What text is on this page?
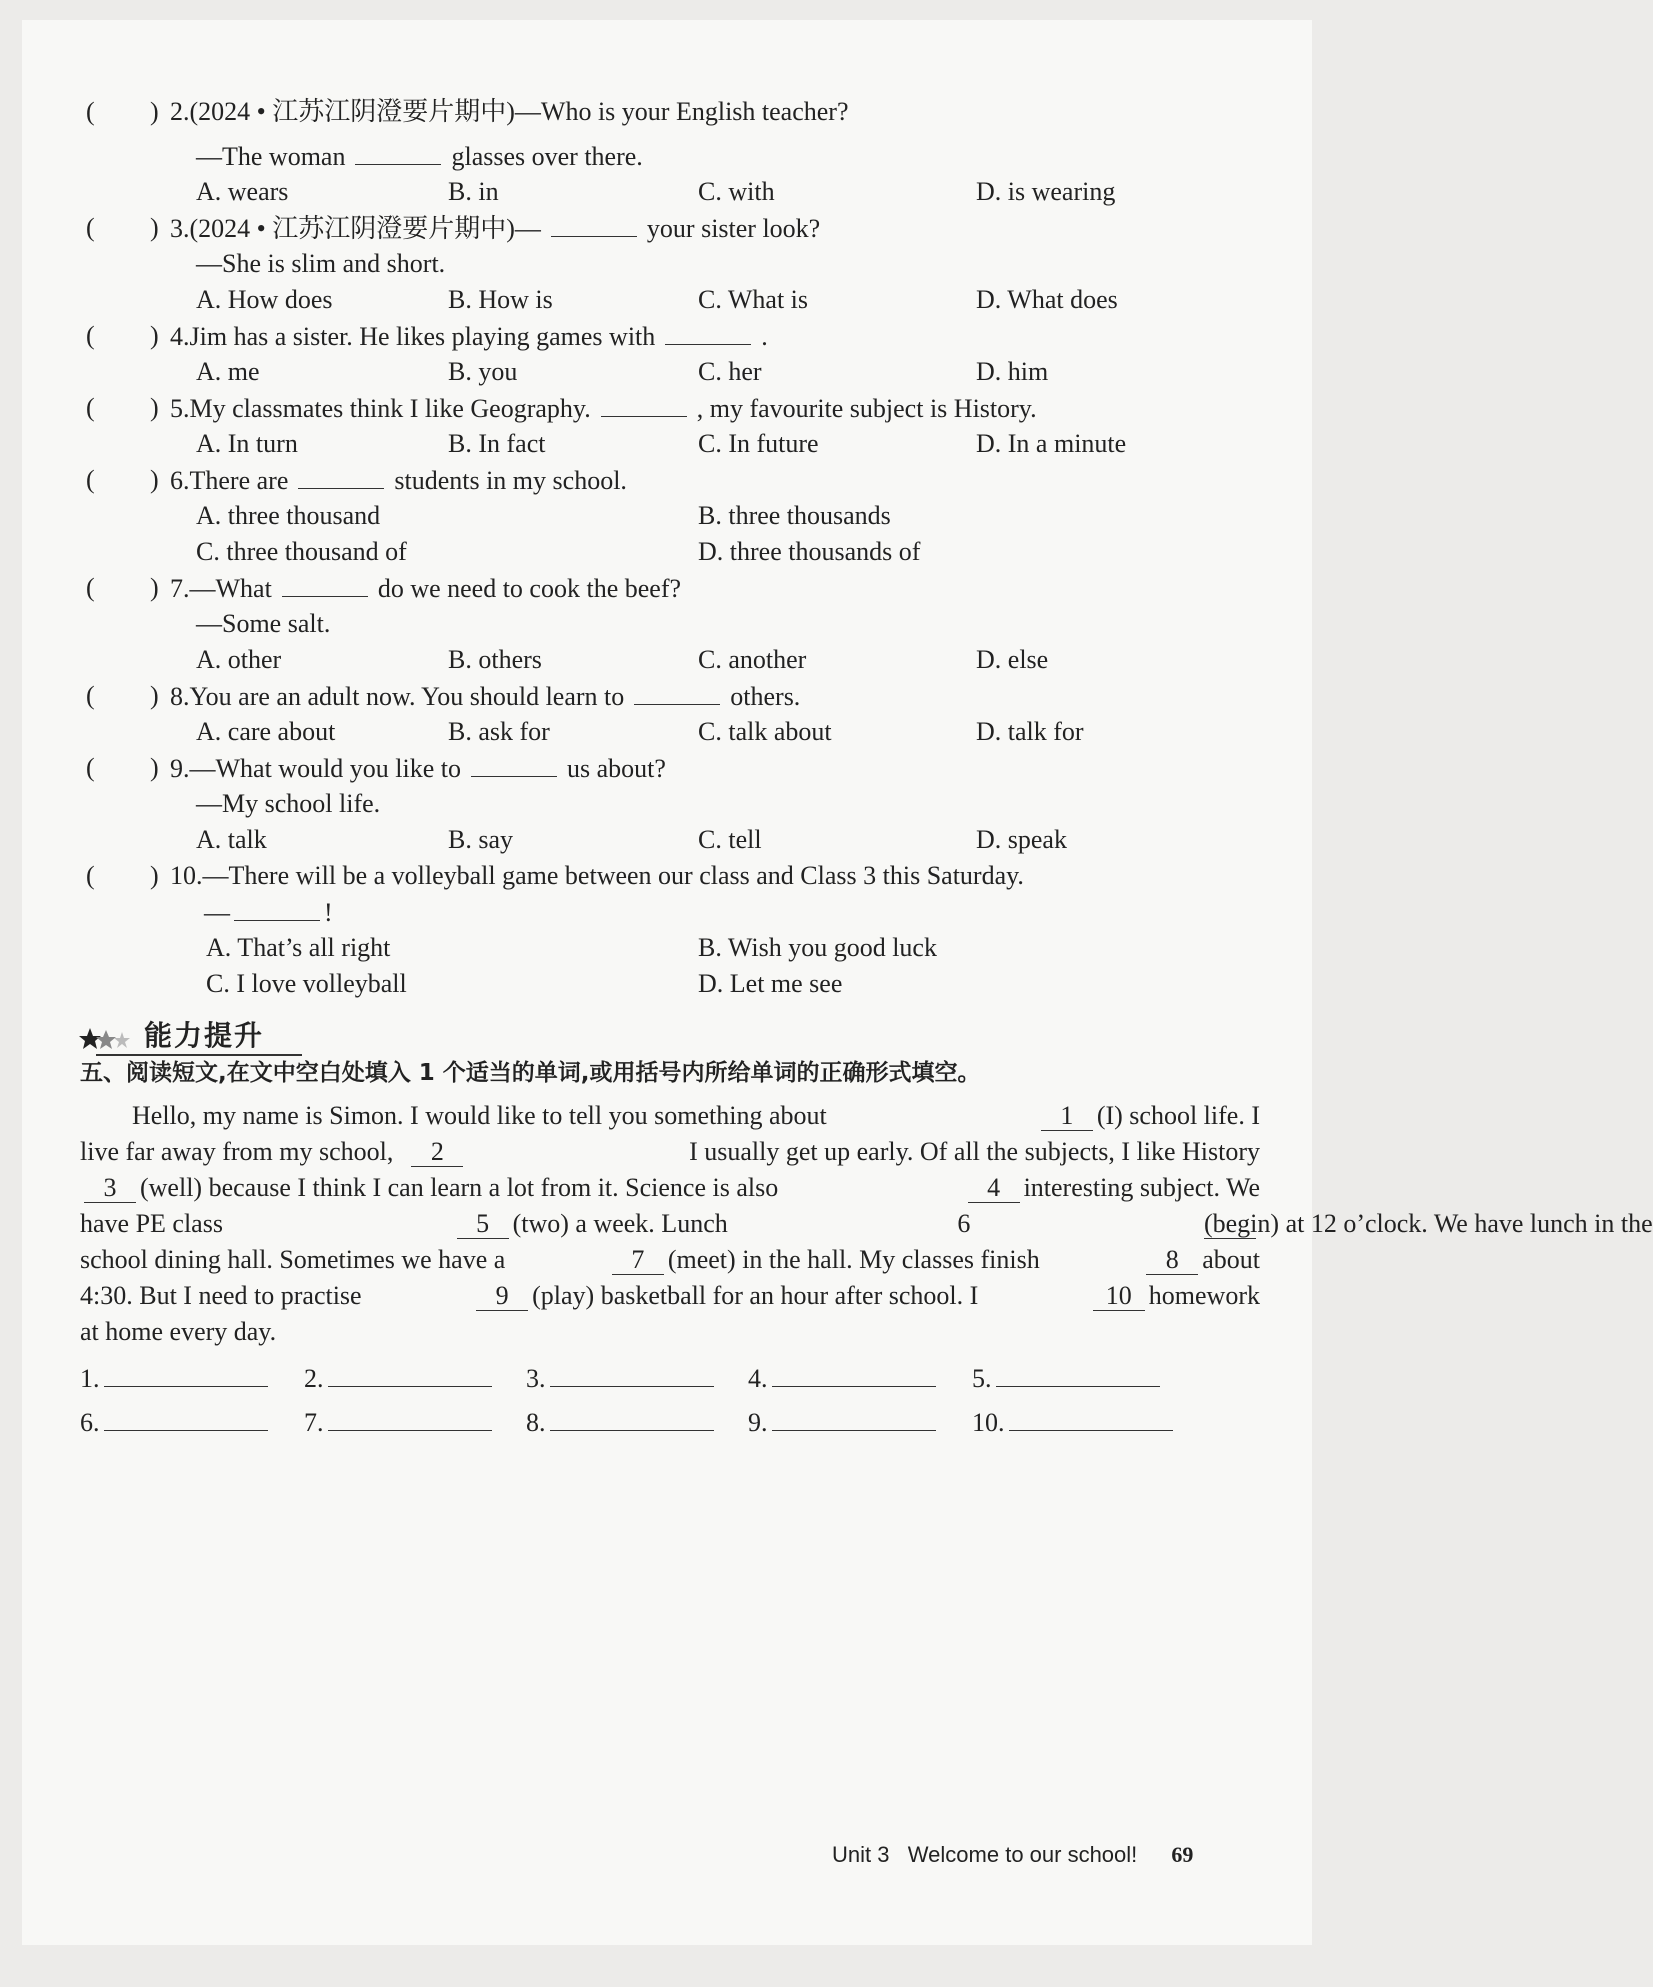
( ) 2.(2024 • 江苏江阴澄要片期中)—Who is your English teacher?
—The woman	glasses over there.
A. wears	B. in	C. with	D. is wearing
( ) 3.(2024 • 江苏江阴澄要片期中)—	your sister look?
—She is slim and short.
A. How does	B. How is	C. What is	D. What does
( ) 4.Jim has a sister. He likes playing games with	.
A. me	B. you	C. her	D. him
( ) 5.My classmates think I like Geography.	, my favourite subject is History.
A. In turn	B. In fact	C. In future	D. In a minute
( ) 6.There are	students in my school.
A. three thousand	B. three thousands
C. three thousand of	D. three thousands of
( ) 7.—What	do we need to cook the beef?
—Some salt.
A. other	B. others	C. another	D. else
( ) 8.You are an adult now. You should learn to	others.
A. care about	B. ask for	C. talk about	D. talk for
( ) 9.—What would you like to	us about?
—My school life.
A. talk	B. say	C. tell	D. speak
( ) 10.—There will be a volleyball game between our class and Class 3 this Saturday.
—	!
A. That’s all right	B. Wish you good luck
C. I love volleyball	D. Let me see
能力提升
五、阅读短文,在文中空白处填入 1 个适当的单词,或用括号内所给单词的正确形式填空。
Hello, my name is Simon. I would like to tell you something about	1 (I) school life. I
live far away from my school, 2	I usually get up early. Of all the subjects, I like History
3 (well) because I think I can learn a lot from it. Science is also	4 interesting subject. We
have PE class	5 (two) a week. Lunch	6	(begin) at 12 o’clock. We have lunch in the
school dining hall. Sometimes we have a	7 (meet) in the hall. My classes finish	8 about
4:30. But I need to practise	9 (play) basketball for an hour after school. I	10 homework
at home every day.
1.	2.	3.	4.	5.
6.	7.	8.	9.	10.
Unit 3   Welcome to our school! 69
